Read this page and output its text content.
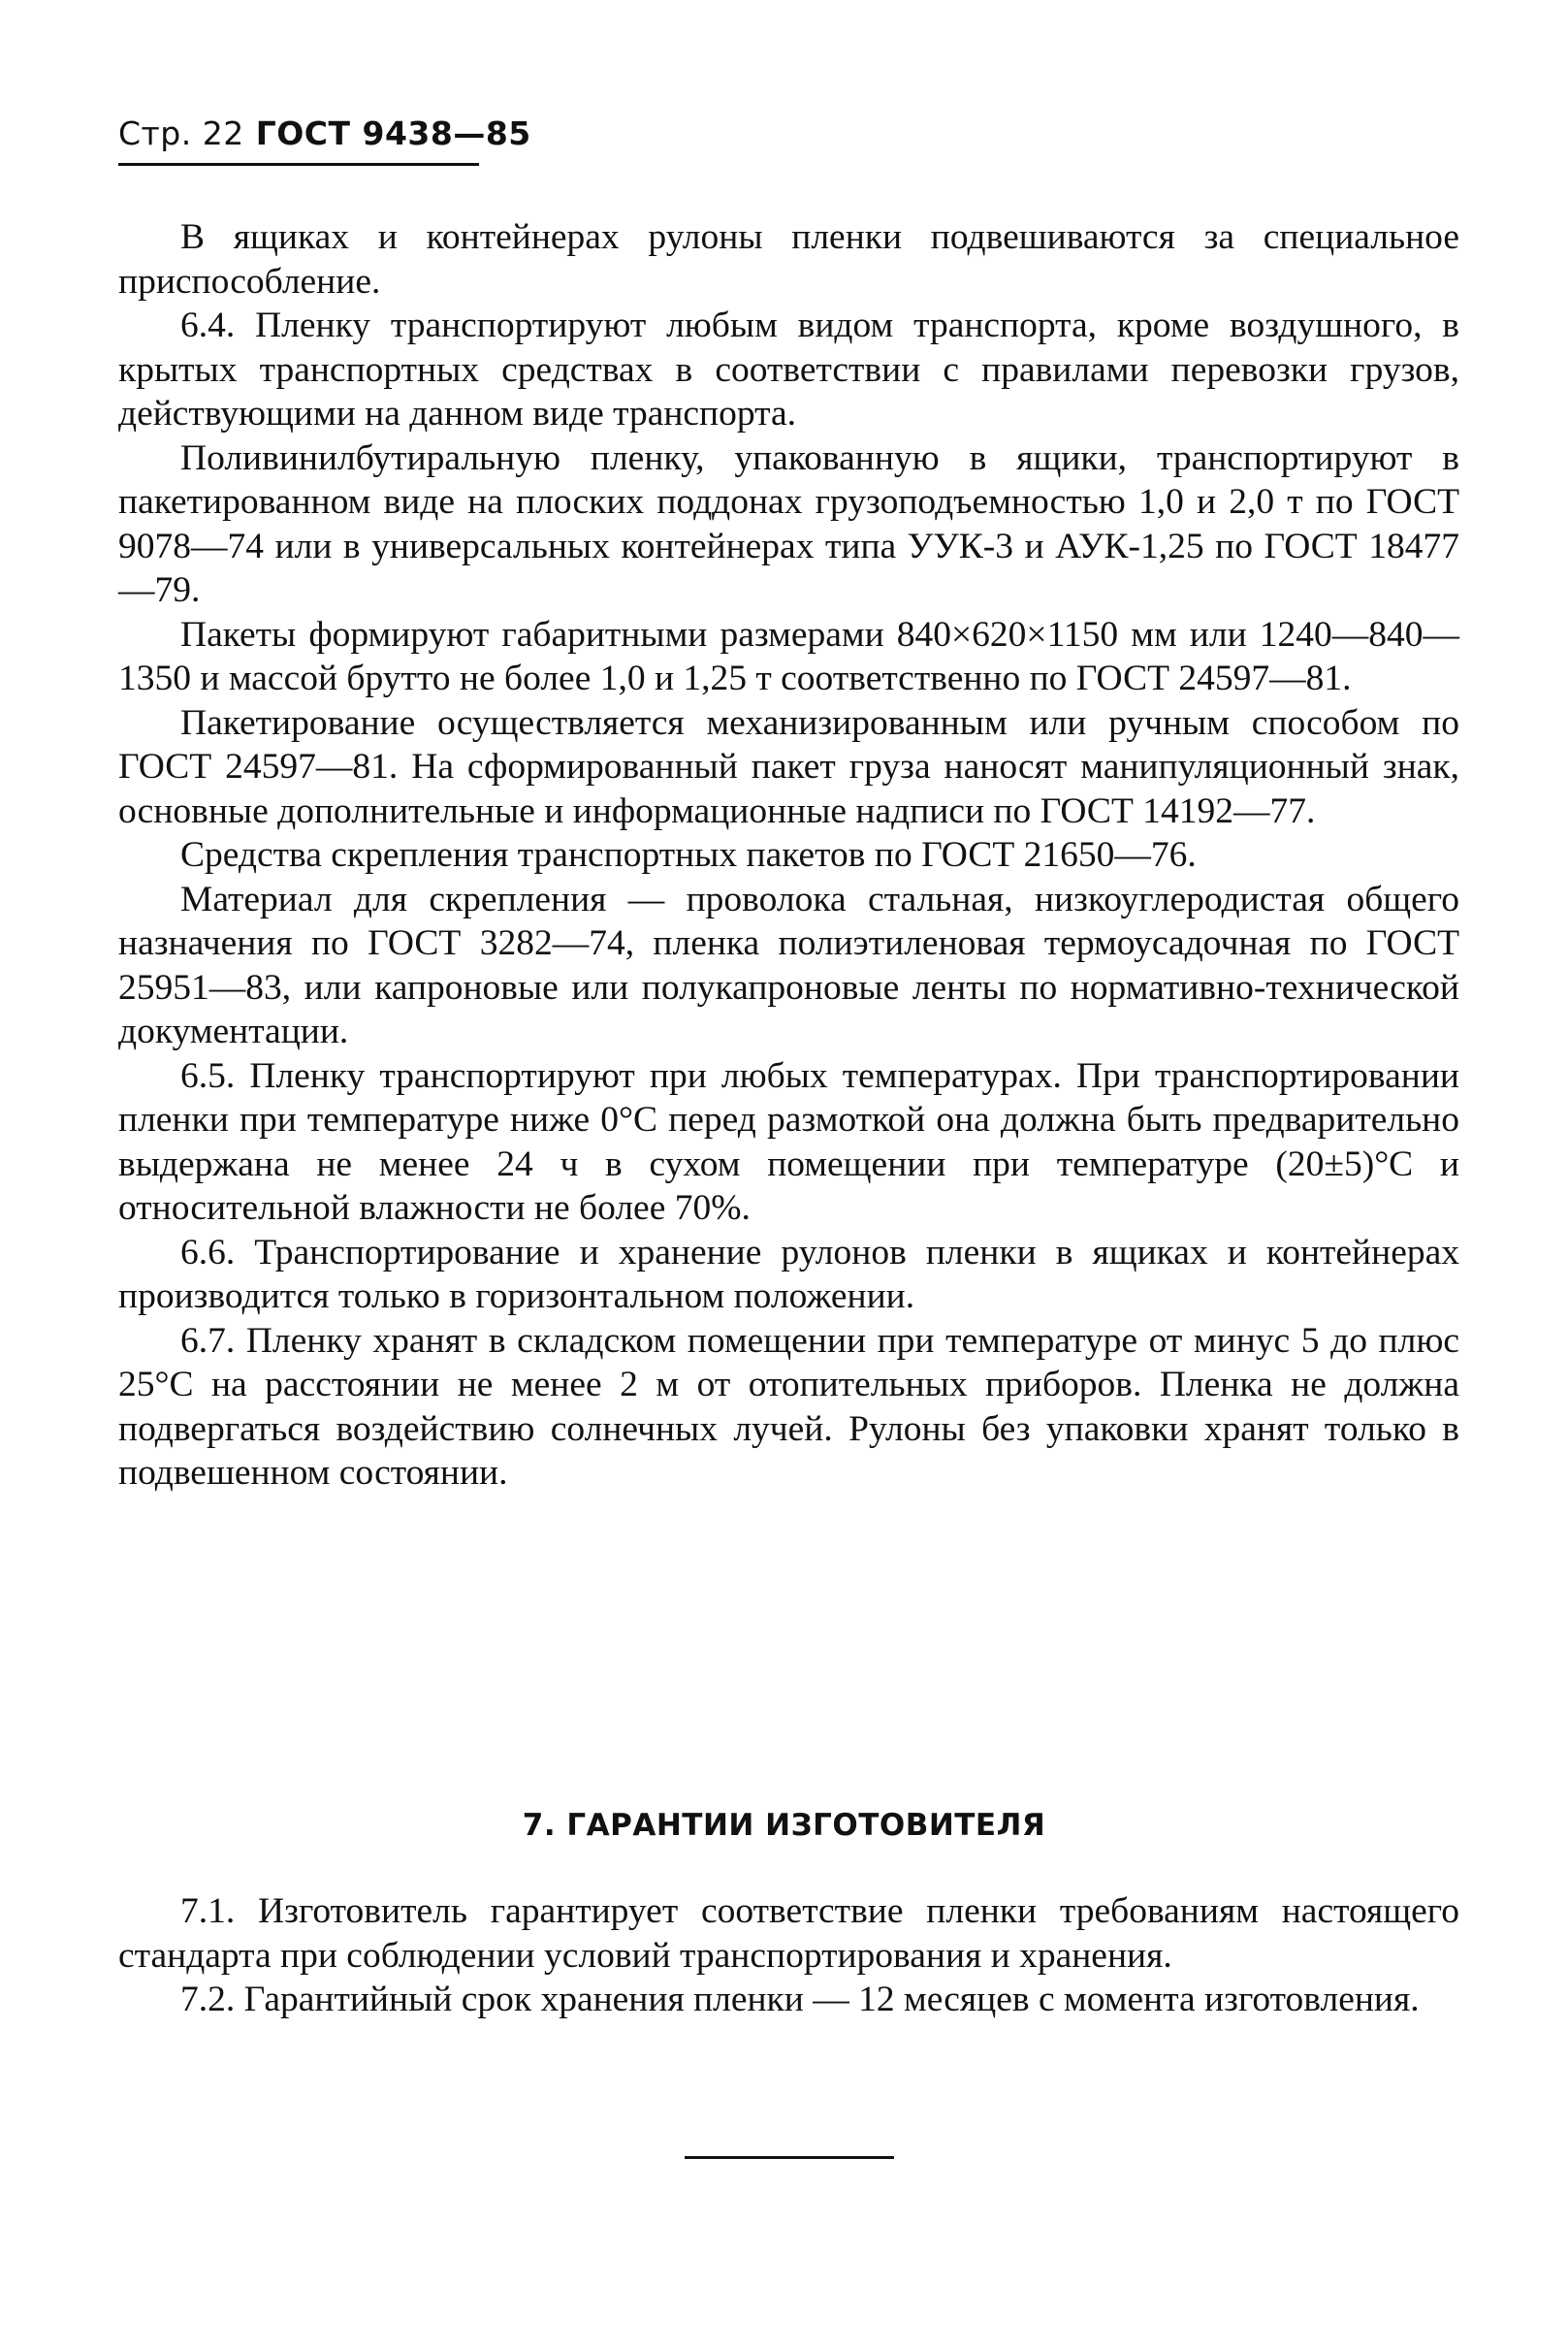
Стр. 22 ГОСТ 9438—85

В ящиках и контейнерах рулоны пленки подвешиваются за специальное приспособление.

6.4. Пленку транспортируют любым видом транспорта, кроме воздушного, в крытых транспортных средствах в соответствии с правилами перевозки грузов, действующими на данном виде транспорта.

Поливинилбутиральную пленку, упакованную в ящики, транспортируют в пакетированном виде на плоских поддонах грузоподъемностью 1,0 и 2,0 т по ГОСТ 9078—74 или в универсальных контейнерах типа УУК-3 и АУК-1,25 по ГОСТ 18477—79.

Пакеты формируют габаритными размерами 840×620×1150 мм или 1240—840—1350 и массой брутто не более 1,0 и 1,25 т соответственно по ГОСТ 24597—81.

Пакетирование осуществляется механизированным или ручным способом по ГОСТ 24597—81. На сформированный пакет груза наносят манипуляционный знак, основные дополнительные и информационные надписи по ГОСТ 14192—77.

Средства скрепления транспортных пакетов по ГОСТ 21650—76.

Материал для скрепления — проволока стальная, низкоуглеродистая общего назначения по ГОСТ 3282—74, пленка полиэтиленовая термоусадочная по ГОСТ 25951—83, или капроновые или полукапроновые ленты по нормативно-технической документации.

6.5. Пленку транспортируют при любых температурах. При транспортировании пленки при температуре ниже 0°С перед размоткой она должна быть предварительно выдержана не менее 24 ч в сухом помещении при температуре (20±5)°С и относительной влажности не более 70%.

6.6. Транспортирование и хранение рулонов пленки в ящиках и контейнерах производится только в горизонтальном положении.

6.7. Пленку хранят в складском помещении при температуре от минус 5 до плюс 25°С на расстоянии не менее 2 м от отопительных приборов. Пленка не должна подвергаться воздействию солнечных лучей. Рулоны без упаковки хранят только в подвешенном состоянии.

7. ГАРАНТИИ ИЗГОТОВИТЕЛЯ

7.1. Изготовитель гарантирует соответствие пленки требованиям настоящего стандарта при соблюдении условий транспортирования и хранения.

7.2. Гарантийный срок хранения пленки — 12 месяцев с момента изготовления.
